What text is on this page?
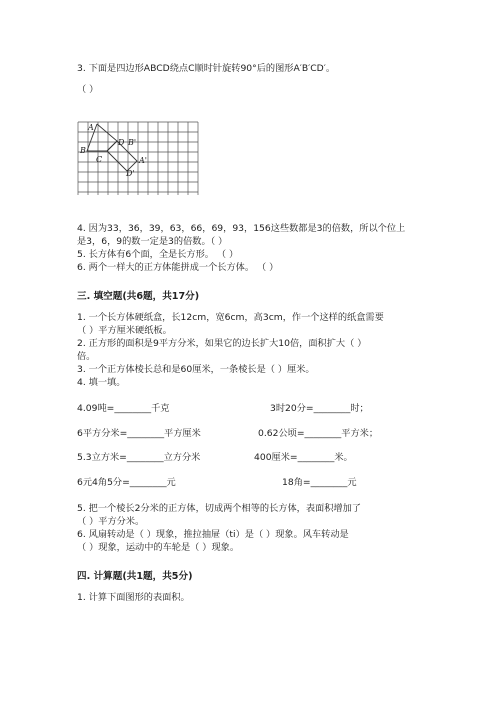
3. 下面是四边形ABCD绕点C顺时针旋转90°后的图形A′B′CD′。
（ ）
A
B
C
D B'
A'
D'
4. 因为33，36，39，63，66，69，93，156这些数都是3的倍数，所以个位上
是3，6，9的数一定是3的倍数。（ ）
5. 长方体有6个面，全是长方形。 （ ）
6. 两个一样大的正方体能拼成一个长方体。 （ ）
三. 填空题(共6题，共17分)
1. 一个长方体硬纸盒，长12cm，宽6cm，高3cm，作一个这样的纸盒需要
（ ）平方厘米硬纸板。
2. 正方形的面积是9平方分米，如果它的边长扩大10倍，面积扩大（ ）
倍。
3. 一个正方体棱长总和是60厘米，一条棱长是（ ）厘米。
4. 填一填。
4.09吨=________千克	3时20分=________时；
6平方分米=________平方厘米	0.62公顷=________平方米；
5.3立方米=________立方分米	400厘米=________米。
6元4角5分=________元	18角=________元
5. 把一个棱长2分米的正方体，切成两个相等的长方体，表面积增加了
（ ）平方分米。
6. 风扇转动是（ ）现象，推拉抽屉（ti）是（ ）现象。风车转动是
（ ）现象，运动中的车轮是（ ）现象。
四. 计算题(共1题，共5分)
1. 计算下面图形的表面积。
